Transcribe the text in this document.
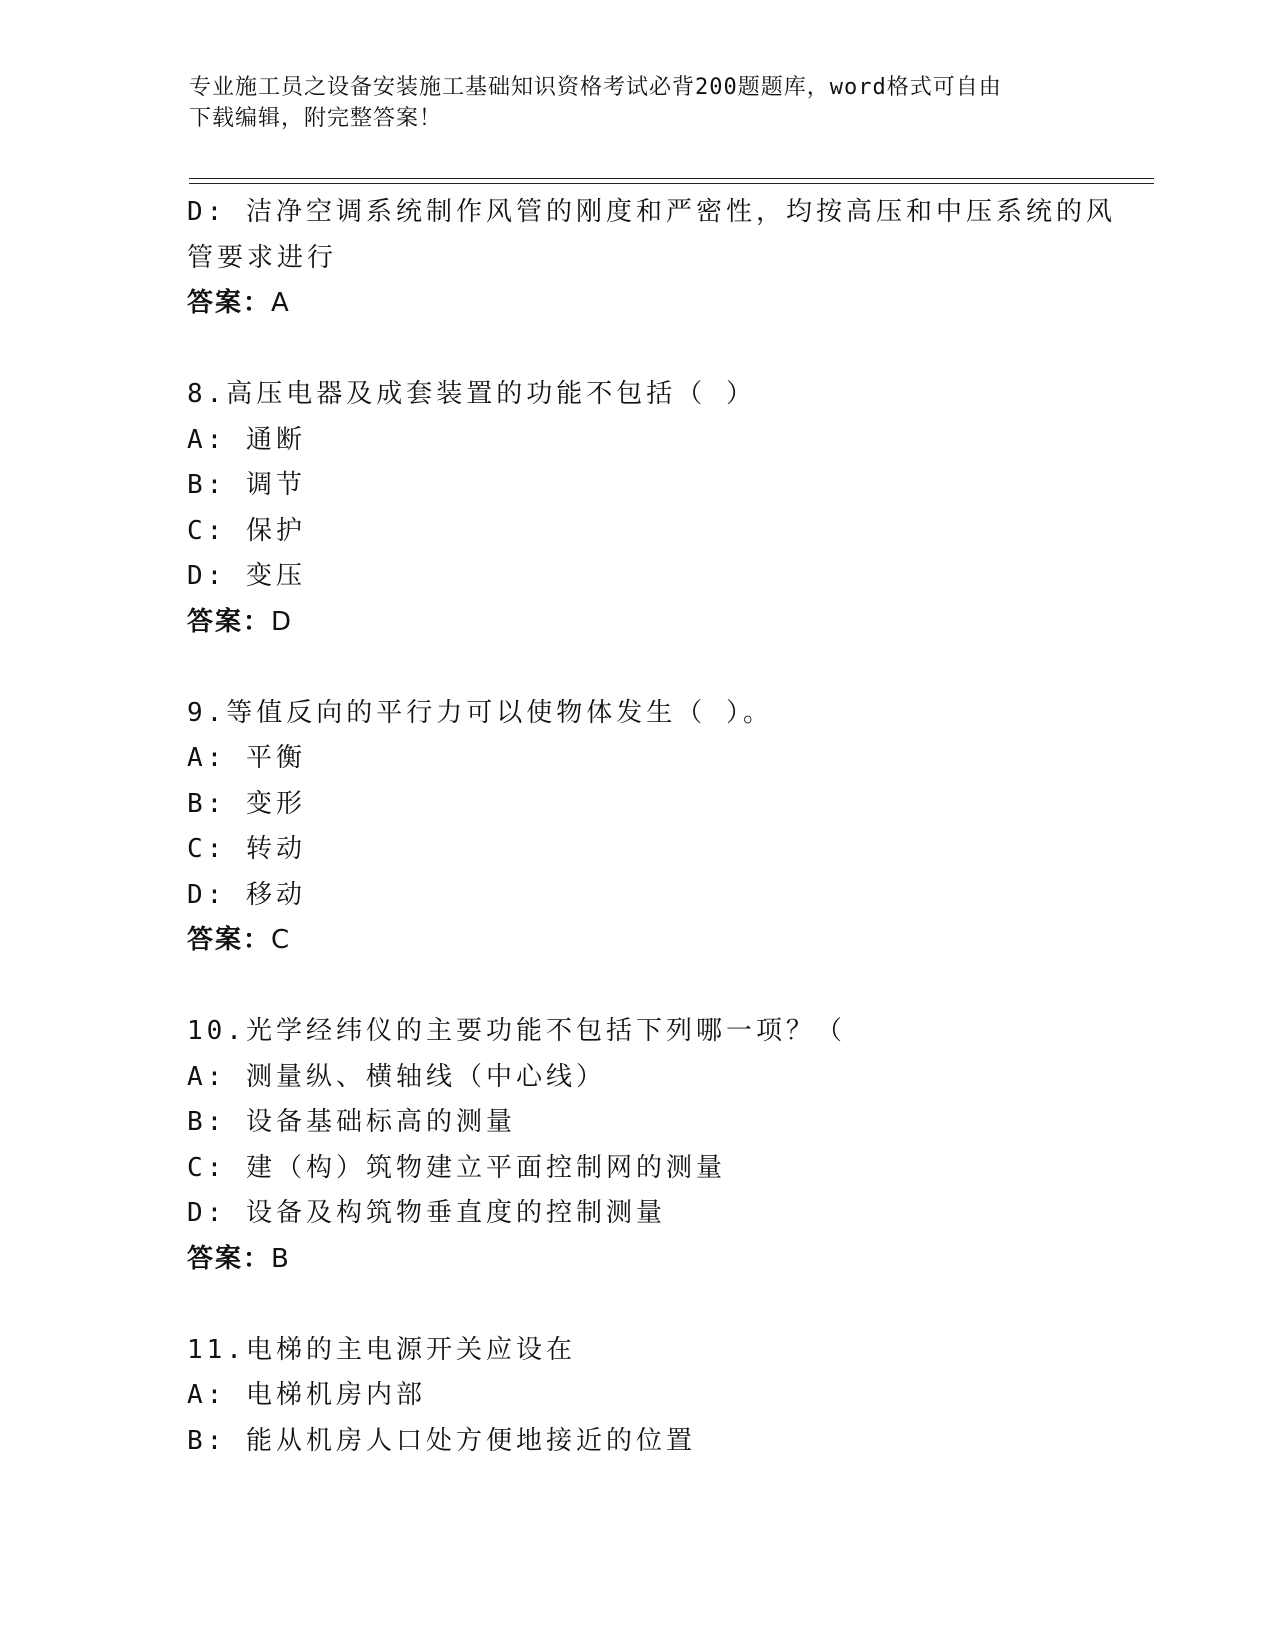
专业施工员之设备安装施工基础知识资格考试必背200题题库，word格式可自由
下载编辑，附完整答案！
D: 洁净空调系统制作风管的刚度和严密性，均按高压和中压系统的风
管要求进行
答案：A
8.高压电器及成套装置的功能不包括（ ）
A: 通断
B: 调节
C: 保护
D: 变压
答案：D
9.等值反向的平行力可以使物体发生（ ）。
A: 平衡
B: 变形
C: 转动
D: 移动
答案：C
10.光学经纬仪的主要功能不包括下列哪一项？（
A: 测量纵、横轴线（中心线）
B: 设备基础标高的测量
C: 建（构）筑物建立平面控制网的测量
D: 设备及构筑物垂直度的控制测量
答案：B
11.电梯的主电源开关应设在
A: 电梯机房内部
B: 能从机房人口处方便地接近的位置
